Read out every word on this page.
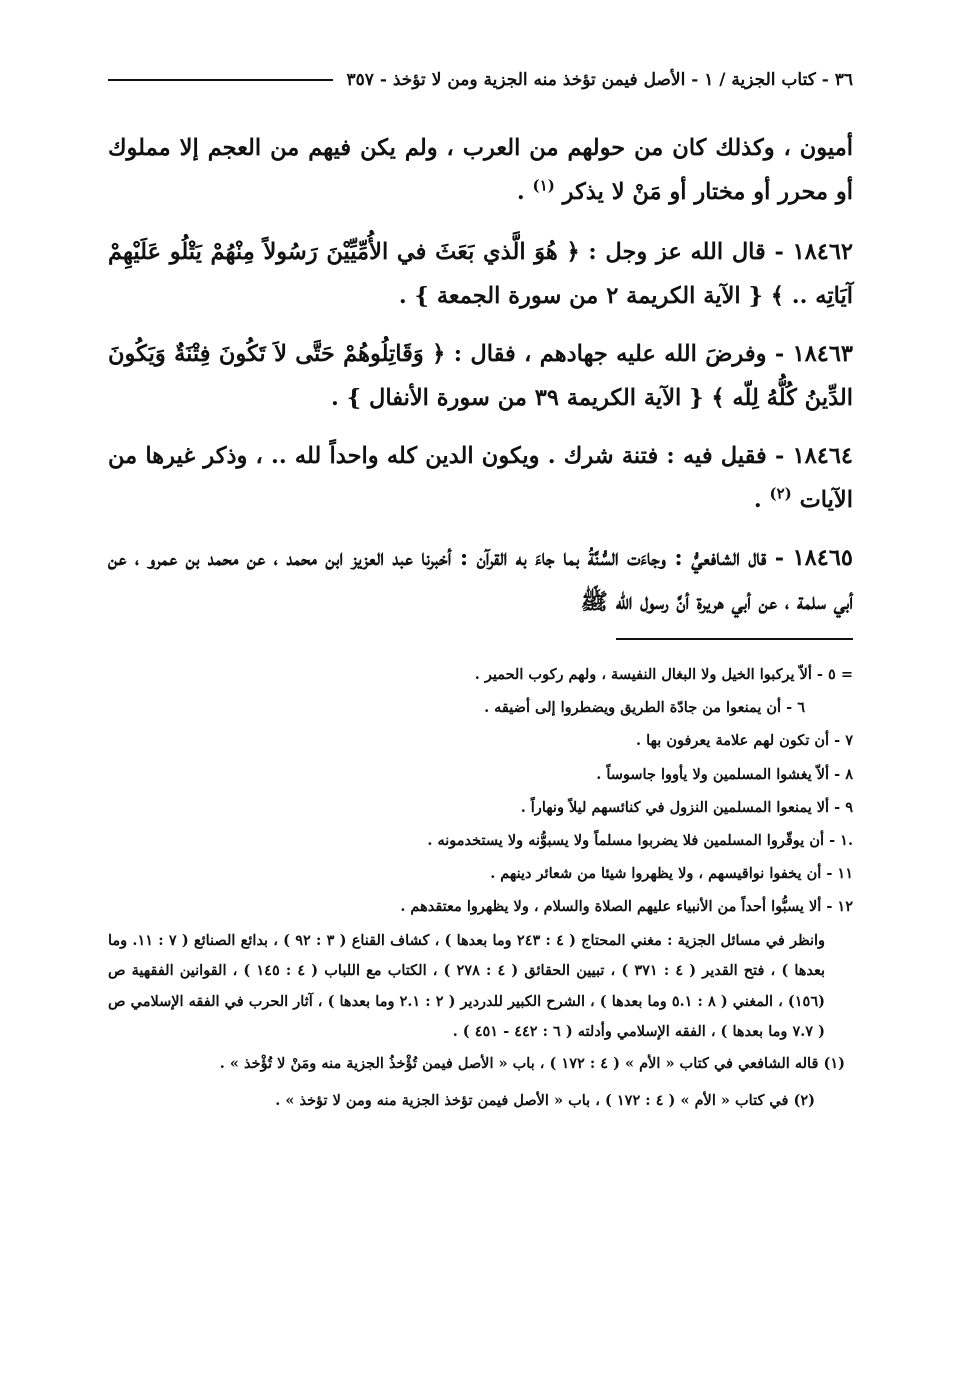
٣٦ - كتاب الجزية / ١ - الأصل فيمن تؤخذ منه الجزية ومن لا تؤخذ - ٣٥٧

أميون ، وكذلك كان من حولهم من العرب ، ولم يكن فيهم من العجم إلا مملوك أو محرر أو مختار أو مَنْ لا يذكر $^{(١)}$ .

١٨٤٦٢ - قال الله عز وجل : ﴿ هُوَ الَّذي بَعَثَ في الأُمِّيِّيْنَ رَسُولاً مِنْهُمْ يَتْلُو عَلَيْهِمْ آيَاتِه .. ﴾ { الآية الكريمة ٢ من سورة الجمعة } .

١٨٤٦٣ - وفرضَ الله عليه جهادهم ، فقال : ﴿ وَقَاتِلُوهُمْ حَتَّى لاَ تَكُونَ فِتْنَةٌ وَيَكُونَ الدِّينُ كُلُّهُ لِلّه ﴾ { الآية الكريمة ٣٩ من سورة الأنفال } .

١٨٤٦٤ - فقيل فيه : فتنة شرك . ويكون الدين كله واحداً لله .. ، وذكر غيرها من الآيات $^{(٢)}$ .

١٨٤٦٥ - قال الشافعيُّ : وجاءَت السُّنَّةُ بما جاءَ به القرآن : أخبرنا عبد العزيز ابن محمد ، عن محمد بن عمرو ، عن أبي سلمة ، عن أبي هريرة أنَّ رسول الله ﷺ

= ٥ - ألاّ يركبوا الخيل ولا البغال النفيسة ، ولهم ركوب الحمير .
٦ - أن يمنعوا من جادّة الطريق ويضطروا إلى أضيقه .
٧ - أن تكون لهم علامة يعرفون بها .
٨ - ألاّ يغشوا المسلمين ولا يأووا جاسوساً .
٩ - ألا يمنعوا المسلمين النزول في كنائسهم ليلاً ونهاراً .
.١ - أن يوقّروا المسلمين فلا يضربوا مسلماً ولا يسبوُّنه ولا يستخدمونه .
١١ - أن يخفوا نواقيسهم ، ولا يظهروا شيئا من شعائر دينهم .
١٢ - ألا يسبُّوا أحداً من الأنبياء عليهم الصلاة والسلام ، ولا يظهروا معتقدهم .
وانظر في مسائل الجزية : مغني المحتاج ( ٤ : ٢٤٣ وما بعدها ) ، كشاف القناع ( ٣ : ٩٢ ) ، بدائع الصنائع ( ٧ : ١١. وما بعدها ) ، فتح القدير ( ٤ : ٣٧١ ) ، تبيين الحقائق ( ٤ : ٢٧٨ ) ، الكتاب مع اللباب ( ٤ : ١٤٥ ) ، القوانين الفقهية ص (١٥٦) ، المغني ( ٨ : ٥.١ وما بعدها ) ، الشرح الكبير للدردير ( ٢ : ٢.١ وما بعدها ) ، آثار الحرب في الفقه الإسلامي ص ( ٧.٧ وما بعدها ) ، الفقه الإسلامي وأدلته ( ٦ : ٤٤٢ - ٤٥١ ) .
(١) قاله الشافعي في كتاب « الأم » ( ٤ : ١٧٢ ) ، باب « الأصل فيمن تُؤْخذُ الجزية منه ومَنْ لا تُؤْخذ » .
(٢) في كتاب « الأم » ( ٤ : ١٧٢ ) ، باب « الأصل فيمن تؤخذ الجزية منه ومن لا تؤخذ » .
